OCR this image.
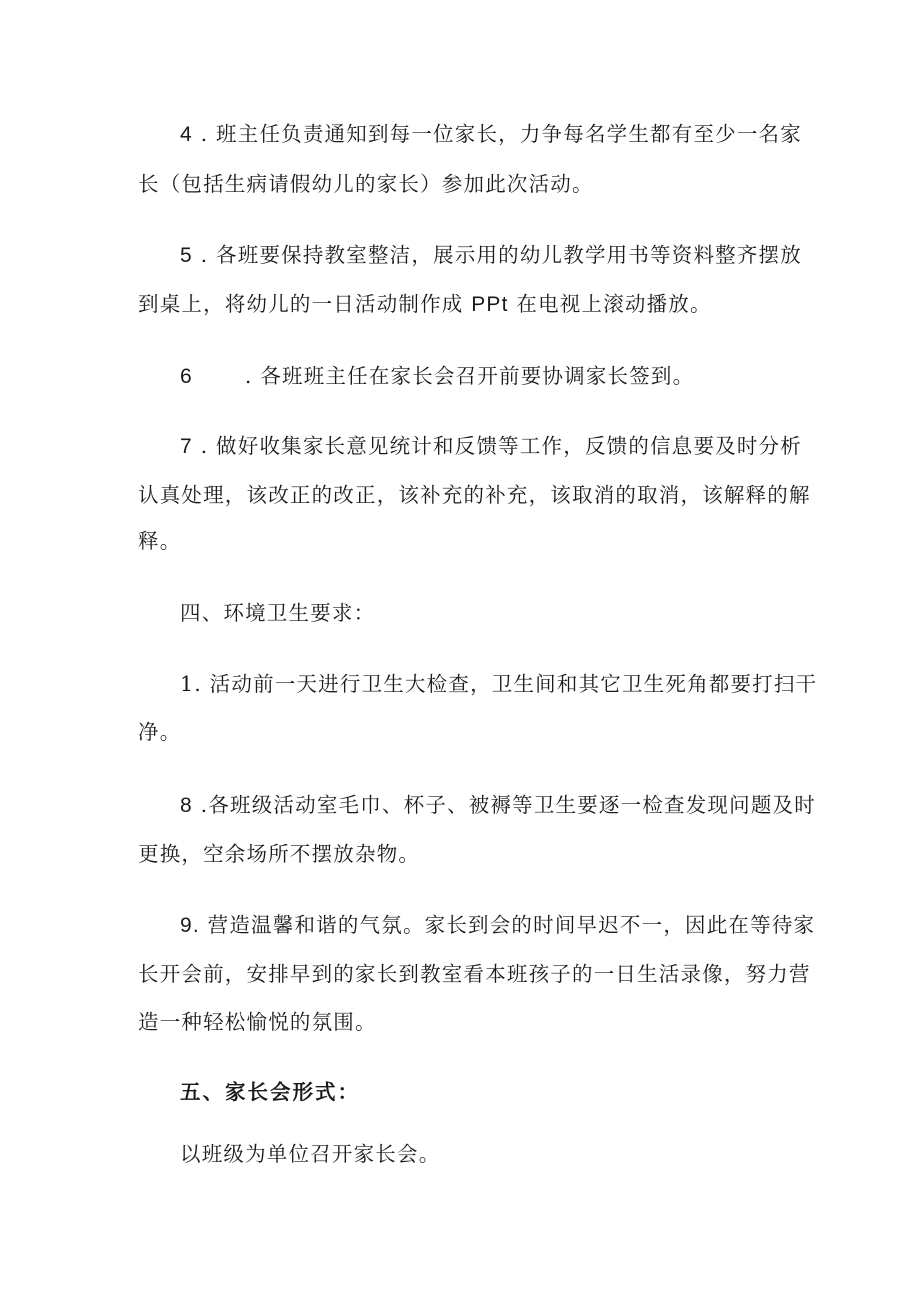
4 . 班主任负责通知到每一位家长，力争每名学生都有至少一名家
长（包括生病请假幼儿的家长）参加此次活动。
5 . 各班要保持教室整洁，展示用的幼儿教学用书等资料整齐摆放
到桌上，将幼儿的一日活动制作成 PPt 在电视上滚动播放。
6	. 各班班主任在家长会召开前要协调家长签到。
7 . 做好收集家长意见统计和反馈等工作，反馈的信息要及时分析
认真处理，该改正的改正，该补充的补充，该取消的取消，该解释的解
释。
四、环境卫生要求：
1. 活动前一天进行卫生大检查，卫生间和其它卫生死角都要打扫干
净。
8 .各班级活动室毛巾、杯子、被褥等卫生要逐一检查发现问题及时
更换，空余场所不摆放杂物。
9. 营造温馨和谐的气氛。家长到会的时间早迟不一，因此在等待家
长开会前，安排早到的家长到教室看本班孩子的一日生活录像，努力营
造一种轻松愉悦的氛围。
五、家长会形式：
以班级为单位召开家长会。
